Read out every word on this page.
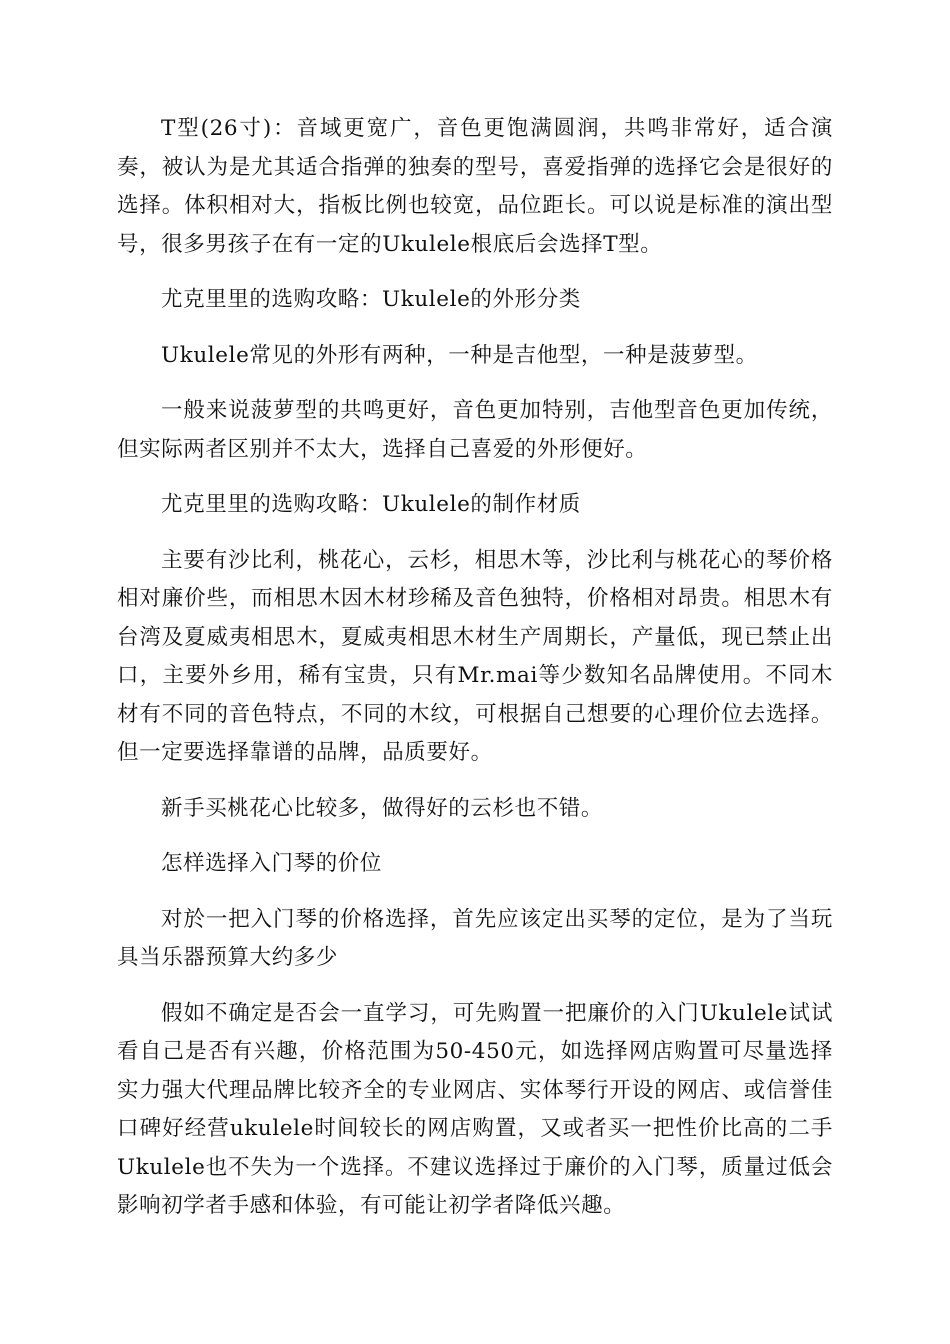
T型(26寸)：音域更宽广，音色更饱满圆润，共鸣非常好，适合演奏，被认为是尤其适合指弹的独奏的型号，喜爱指弹的选择它会是很好的选择。体积相对大，指板比例也较宽，品位距长。可以说是标准的演出型号，很多男孩子在有一定的Ukulele根底后会选择T型。

尤克里里的选购攻略：Ukulele的外形分类

Ukulele常见的外形有两种，一种是吉他型，一种是菠萝型。

一般来说菠萝型的共鸣更好，音色更加特别，吉他型音色更加传统，但实际两者区别并不太大，选择自己喜爱的外形便好。

尤克里里的选购攻略：Ukulele的制作材质

主要有沙比利，桃花心，云杉，相思木等，沙比利与桃花心的琴价格相对廉价些，而相思木因木材珍稀及音色独特，价格相对昂贵。相思木有台湾及夏威夷相思木，夏威夷相思木材生产周期长，产量低，现已禁止出口，主要外乡用，稀有宝贵，只有Mr.mai等少数知名品牌使用。不同木材有不同的音色特点，不同的木纹，可根据自己想要的心理价位去选择。但一定要选择靠谱的品牌，品质要好。

新手买桃花心比较多，做得好的云杉也不错。

怎样选择入门琴的价位

对於一把入门琴的价格选择，首先应该定出买琴的定位，是为了当玩具当乐器预算大约多少

假如不确定是否会一直学习，可先购置一把廉价的入门Ukulele试试看自己是否有兴趣，价格范围为50-450元，如选择网店购置可尽量选择实力强大代理品牌比较齐全的专业网店、实体琴行开设的网店、或信誉佳口碑好经营ukulele时间较长的网店购置，又或者买一把性价比高的二手Ukulele也不失为一个选择。不建议选择过于廉价的入门琴，质量过低会影响初学者手感和体验，有可能让初学者降低兴趣。
